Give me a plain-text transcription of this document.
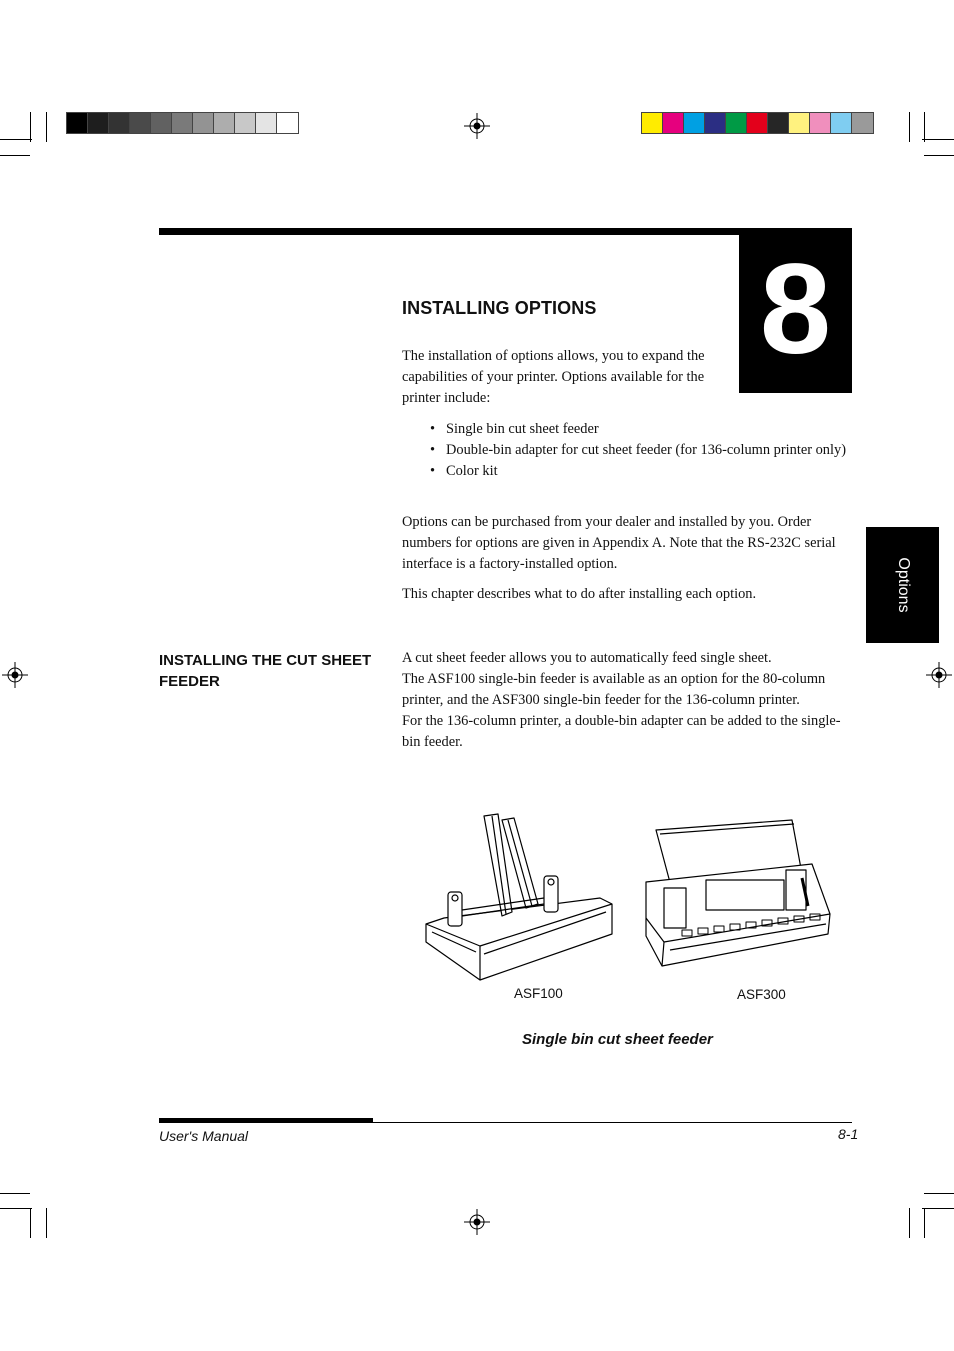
8
Options
INSTALLING OPTIONS

The installation of options allows, you to expand the capabilities of your printer. Options available for the printer include:

• Single bin cut sheet feeder
• Double-bin adapter for cut sheet feeder (for 136-column printer only)
• Color kit

Options can be purchased from your dealer and installed by you. Order numbers for options are given in Appendix A. Note that the RS-232C serial interface is a factory-installed option.

This chapter describes what to do after installing each option.

INSTALLING THE CUT SHEET FEEDER

A cut sheet feeder allows you to automatically feed single sheet.

The ASF100 single-bin feeder is available as an option for the 80-column printer, and the ASF300 single-bin feeder for the 136-column printer.

For the 136-column printer, a double-bin adapter can be added to the single-bin feeder.

ASF100	ASF300
Single bin cut sheet feeder
User's Manual	8-1
